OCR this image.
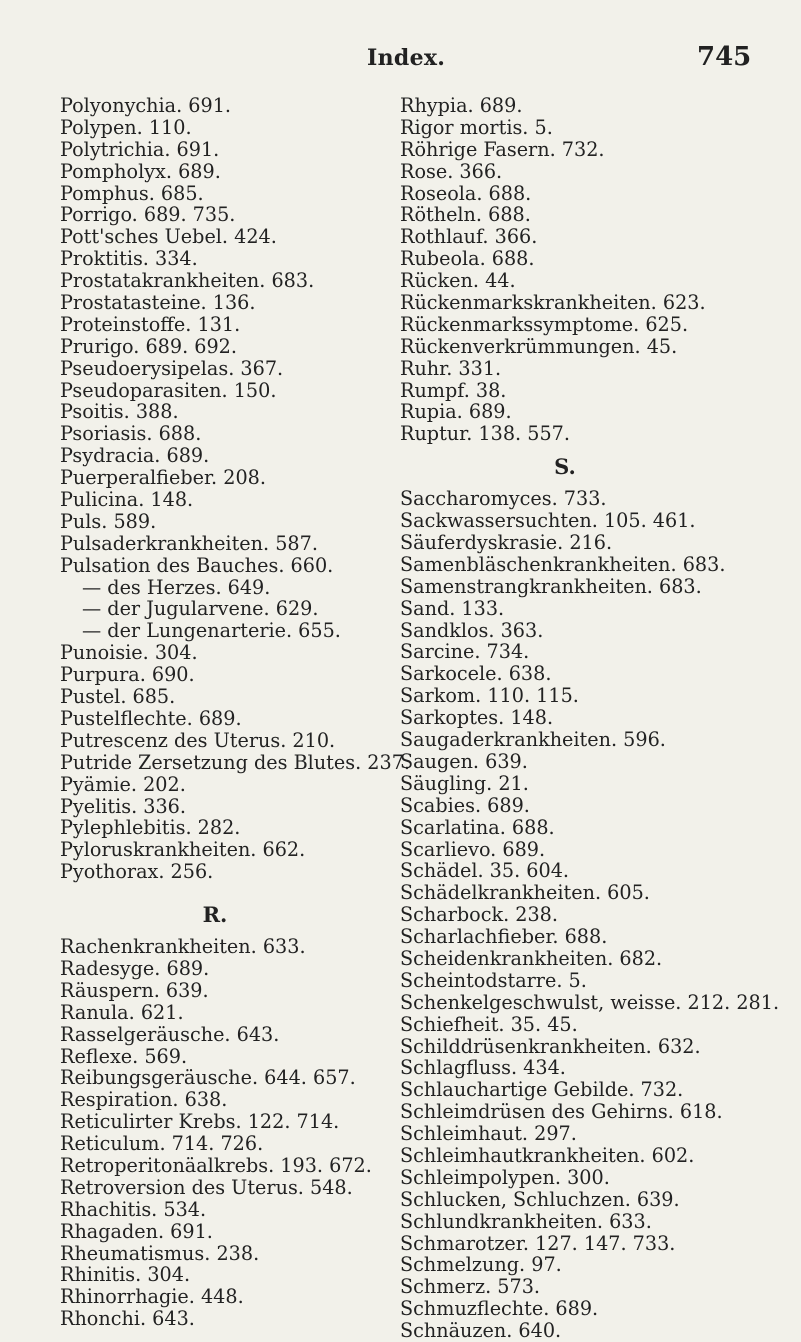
Index.	745
Polyonychia. 691.
Polypen. 110.
Polytrichia. 691.
Pompholyx. 689.
Pomphus. 685.
Porrigo. 689. 735.
Pott'sches Uebel. 424.
Proktitis. 334.
Prostatakrankheiten. 683.
Prostatasteine. 136.
Proteinstoffe. 131.
Prurigo. 689. 692.
Pseudoerysipelas. 367.
Pseudoparasiten. 150.
Psoitis. 388.
Psoriasis. 688.
Psydracia. 689.
Puerperalfieber. 208.
Pulicina. 148.
Puls. 589.
Pulsaderkrankheiten. 587.
Pulsation des Bauches. 660.
— des Herzes. 649.
— der Jugularvene. 629.
— der Lungenarterie. 655.
Punoisie. 304.
Purpura. 690.
Pustel. 685.
Pustelflechte. 689.
Putrescenz des Uterus. 210.
Putride Zersetzung des Blutes. 237.
Pyämie. 202.
Pyelitis. 336.
Pylephlebitis. 282.
Pyloruskrankheiten. 662.
Pyothorax. 256.
R.
Rachenkrankheiten. 633.
Radesyge. 689.
Räuspern. 639.
Ranula. 621.
Rasselgeräusche. 643.
Reflexe. 569.
Reibungsgeräusche. 644. 657.
Respiration. 638.
Reticulirter Krebs. 122. 714.
Reticulum. 714. 726.
Retroperitonäalkrebs. 193. 672.
Retroversion des Uterus. 548.
Rhachitis. 534.
Rhagaden. 691.
Rheumatismus. 238.
Rhinitis. 304.
Rhinorrhagie. 448.
Rhonchi. 643.
Rhypia. 689.
Rigor mortis. 5.
Röhrige Fasern. 732.
Rose. 366.
Roseola. 688.
Rötheln. 688.
Rothlauf. 366.
Rubeola. 688.
Rücken. 44.
Rückenmarkskrankheiten. 623.
Rückenmarkssymptome. 625.
Rückenverkrümmungen. 45.
Ruhr. 331.
Rumpf. 38.
Rupia. 689.
Ruptur. 138. 557.
S.
Saccharomyces. 733.
Sackwassersuchten. 105. 461.
Säuferdyskrasie. 216.
Samenbläschenkrankheiten. 683.
Samenstrangkrankheiten. 683.
Sand. 133.
Sandklos. 363.
Sarcine. 734.
Sarkocele. 638.
Sarkom. 110. 115.
Sarkoptes. 148.
Saugaderkrankheiten. 596.
Saugen. 639.
Säugling. 21.
Scabies. 689.
Scarlatina. 688.
Scarlievo. 689.
Schädel. 35. 604.
Schädelkrankheiten. 605.
Scharbock. 238.
Scharlachfieber. 688.
Scheidenkrankheiten. 682.
Scheintodstarre. 5.
Schenkelgeschwulst, weisse. 212. 281.
Schiefheit. 35. 45.
Schilddrüsenkrankheiten. 632.
Schlagfluss. 434.
Schlauchartige Gebilde. 732.
Schleimdrüsen des Gehirns. 618.
Schleimhaut. 297.
Schleimhautkrankheiten. 602.
Schleimpolypen. 300.
Schlucken, Schluchzen. 639.
Schlundkrankheiten. 633.
Schmarotzer. 127. 147. 733.
Schmelzung. 97.
Schmerz. 573.
Schmuzflechte. 689.
Schnäuzen. 640.
